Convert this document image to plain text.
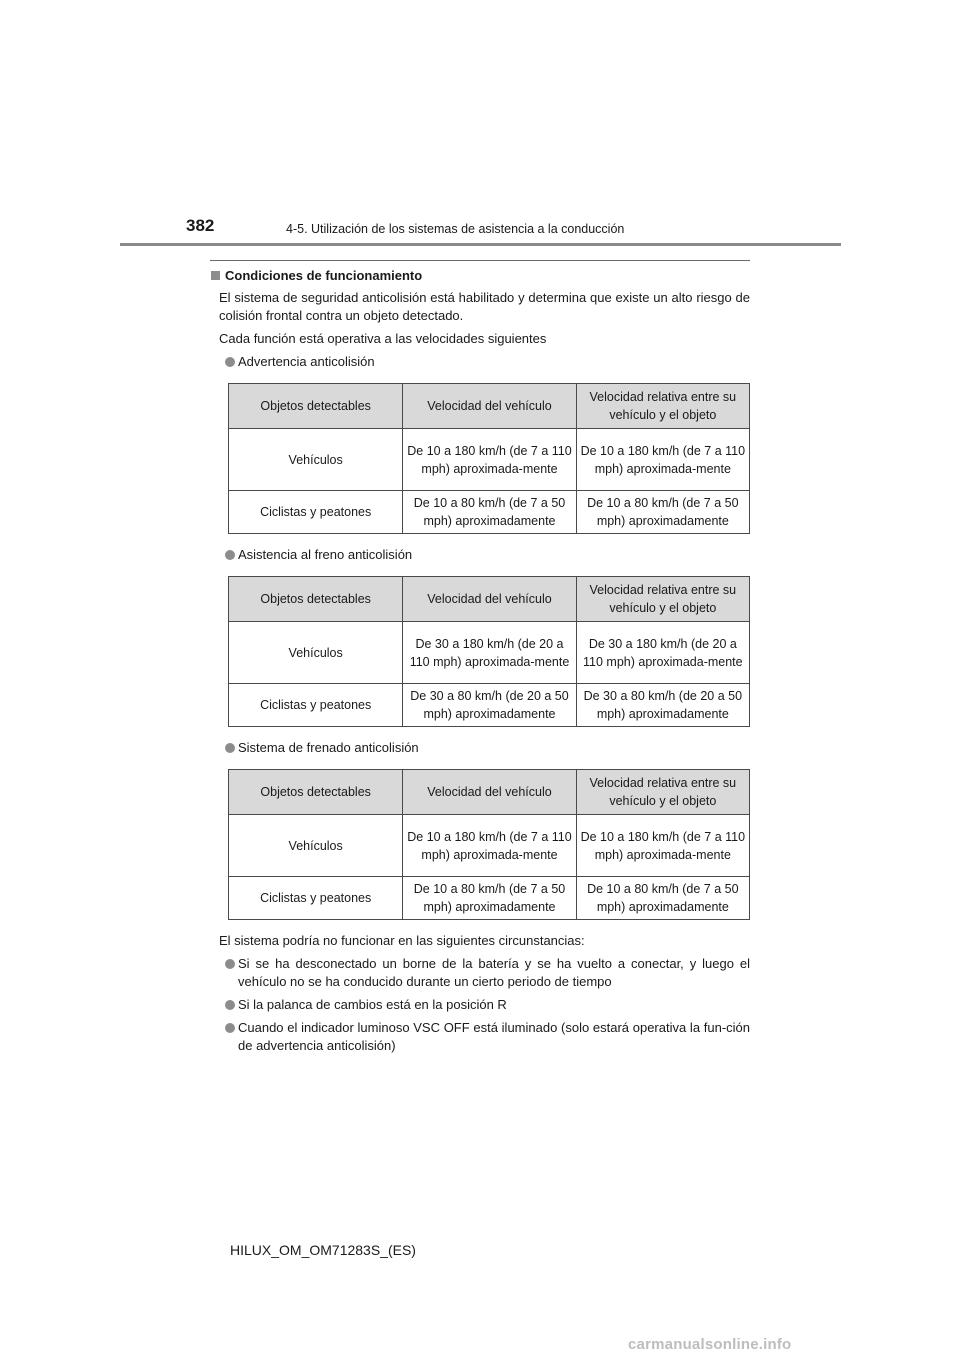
382	4-5. Utilización de los sistemas de asistencia a la conducción
Condiciones de funcionamiento

El sistema de seguridad anticolisión está habilitado y determina que existe un alto riesgo de colisión frontal contra un objeto detectado.

Cada función está operativa a las velocidades siguientes

Advertencia anticolisión
Objetos detectables	Velocidad del vehículo	Velocidad relativa entre su vehículo y el objeto
Vehículos	De 10 a 180 km/h (de 7 a 110 mph) aproximada-mente	De 10 a 180 km/h (de 7 a 110 mph) aproximada-mente
Ciclistas y peatones	De 10 a 80 km/h (de 7 a 50 mph) aproximadamente	De 10 a 80 km/h (de 7 a 50 mph) aproximadamente
Asistencia al freno anticolisión
Objetos detectables	Velocidad del vehículo	Velocidad relativa entre su vehículo y el objeto
Vehículos	De 30 a 180 km/h (de 20 a 110 mph) aproximada-mente	De 30 a 180 km/h (de 20 a 110 mph) aproximada-mente
Ciclistas y peatones	De 30 a 80 km/h (de 20 a 50 mph) aproximadamente	De 30 a 80 km/h (de 20 a 50 mph) aproximadamente
Sistema de frenado anticolisión
Objetos detectables	Velocidad del vehículo	Velocidad relativa entre su vehículo y el objeto
Vehículos	De 10 a 180 km/h (de 7 a 110 mph) aproximada-mente	De 10 a 180 km/h (de 7 a 110 mph) aproximada-mente
Ciclistas y peatones	De 10 a 80 km/h (de 7 a 50 mph) aproximadamente	De 10 a 80 km/h (de 7 a 50 mph) aproximadamente

El sistema podría no funcionar en las siguientes circunstancias:

Si se ha desconectado un borne de la batería y se ha vuelto a conectar, y luego el vehículo no se ha conducido durante un cierto periodo de tiempo
Si la palanca de cambios está en la posición R
Cuando el indicador luminoso VSC OFF está iluminado (solo estará operativa la fun-ción de advertencia anticolisión)
HILUX_OM_OM71283S_(ES)
carmanualsonline.info
